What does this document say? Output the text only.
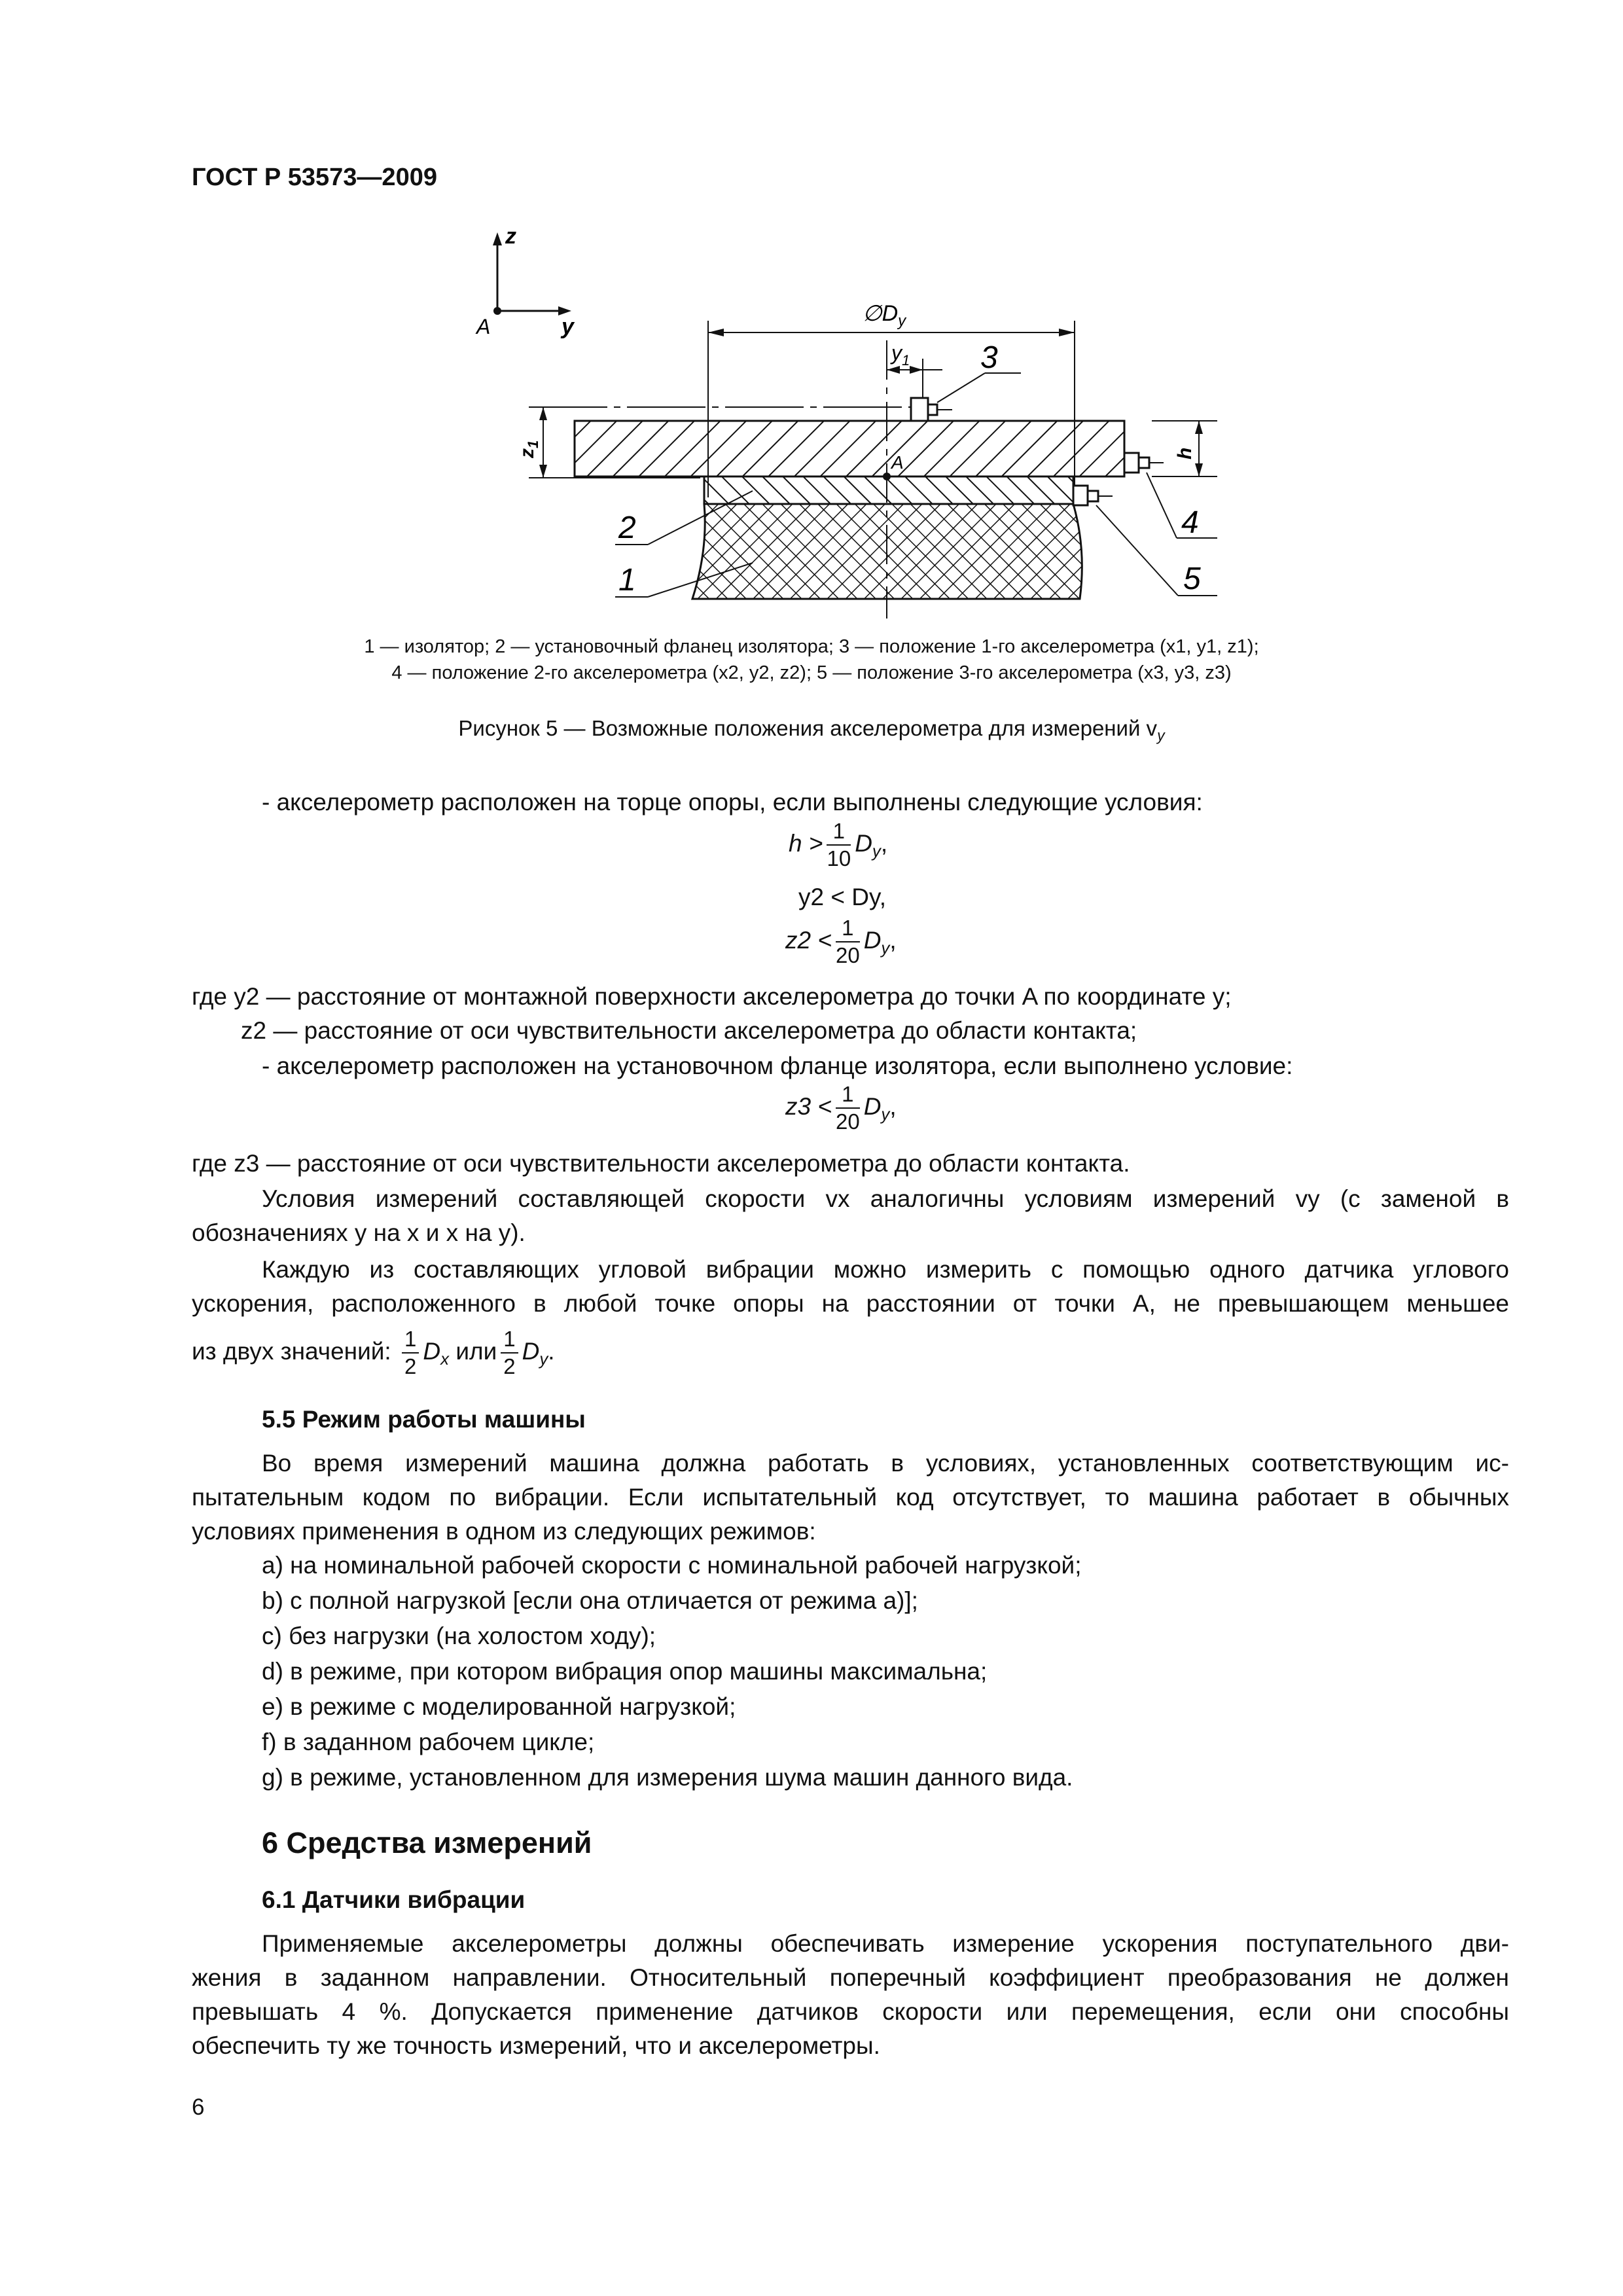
ГОСТ Р 53573—2009
z
A	y
$\emptyset D_y$
$y_1$
$z_1$
A	h
3
4
5
2
1
1 — изолятор; 2 — установочный фланец изолятора; 3 — положение 1-го акселерометра (x1, y1, z1);
4 — положение 2-го акселерометра (x2, y2, z2); 5 — положение 3-го акселерометра (x3, y3, z3)
Рисунок 5 — Возможные положения акселерометра для измерений $v_y$
- акселерометр расположен на торце опоры, если выполнены следующие условия:
$h > \frac{1}{10} D_y$,
y2 < Dy,
$z2 < \frac{1}{20} D_y$,
где y2 — расстояние от монтажной поверхности акселерометра до точки A по координате y;
z2 — расстояние от оси чувствительности акселерометра до области контакта;
- акселерометр расположен на установочном фланце изолятора, если выполнено условие:
$z3 < \frac{1}{20} D_y$,
где z3 — расстояние от оси чувствительности акселерометра до области контакта.
Условия измерений составляющей скорости vx аналогичны условиям измерений vy (с заменой в
обозначениях y на x и x на y).
Каждую из составляющих угловой вибрации можно измерить с помощью одного датчика углового
ускорения, расположенного в любой точке опоры на расстоянии от точки A, не превышающем меньшее
из двух значений: $\frac{1}{2} D_x$ или $\frac{1}{2} D_y$.
5.5 Режим работы машины
Во время измерений машина должна работать в условиях, установленных соответствующим ис-
пытательным кодом по вибрации. Если испытательный код отсутствует, то машина работает в обычных
условиях применения в одном из следующих режимов:
a) на номинальной рабочей скорости с номинальной рабочей нагрузкой;
b) с полной нагрузкой [если она отличается от режима а)];
c) без нагрузки (на холостом ходу);
d) в режиме, при котором вибрация опор машины максимальна;
e) в режиме с моделированной нагрузкой;
f) в заданном рабочем цикле;
g) в режиме, установленном для измерения шума машин данного вида.
6 Средства измерений
6.1 Датчики вибрации
Применяемые акселерометры должны обеспечивать измерение ускорения поступательного дви-
жения в заданном направлении. Относительный поперечный коэффициент преобразования не должен
превышать 4 %. Допускается применение датчиков скорости или перемещения, если они способны
обеспечить ту же точность измерений, что и акселерометры.
6
